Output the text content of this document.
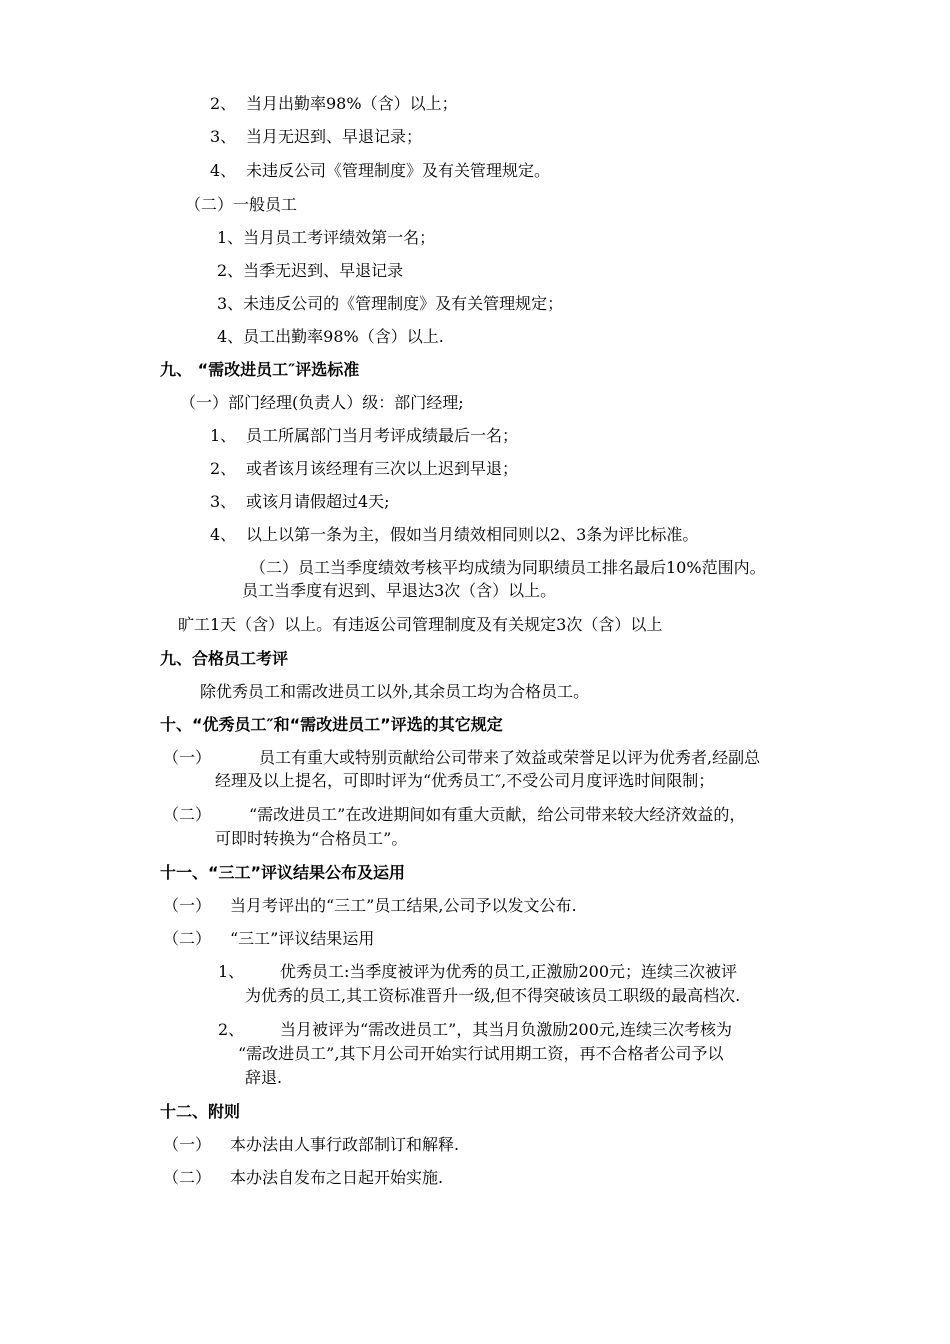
2、 当月出勤率98%（含）以上；
3、 当月无迟到、早退记录；
4、 未违反公司《管理制度》及有关管理规定。
（二）一般员工
1、当月员工考评绩效第一名；
2、当季无迟到、早退记录
3、未违反公司的《管理制度》及有关管理规定；
4、员工出勤率98%（含）以上.
九、 “需改进员工″评选标准
（一）部门经理(负责人）级：部门经理;
1、 员工所属部门当月考评成绩最后一名；
2、 或者该月该经理有三次以上迟到早退；
3、 或该月请假超过4天;
4、 以上以第一条为主，假如当月绩效相同则以2、3条为评比标准。
（二）员工当季度绩效考核平均成绩为同职绩员工排名最后10%范围内。
员工当季度有迟到、早退达3次（含）以上。
旷工1天（含）以上。有违返公司管理制度及有关规定3次（含）以上
九、合格员工考评
除优秀员工和需改进员工以外,其余员工均为合格员工。
十、“优秀员工″和“需改进员工”评选的其它规定
（一）	员工有重大或特别贡献给公司带来了效益或荣誉足以评为优秀者,经副总
经理及以上提名，可即时评为“优秀员工″,不受公司月度评选时间限制；
（二） “需改进员工”在改进期间如有重大贡献，给公司带来较大经济效益的，
可即时转换为“合格员工”。
十一、“三工”评议结果公布及运用
（一） 当月考评出的“三工”员工结果,公司予以发文公布.
（二） “三工”评议结果运用
1、 优秀员工:当季度被评为优秀的员工,正激励200元；连续三次被评
为优秀的员工,其工资标准晋升一级,但不得突破该员工职级的最高档次.
2、 当月被评为“需改进员工”，其当月负激励200元,连续三次考核为
“需改进员工”,其下月公司开始实行试用期工资，再不合格者公司予以
辞退.
十二、附则
（一） 本办法由人事行政部制订和解释.
（二） 本办法自发布之日起开始实施.
